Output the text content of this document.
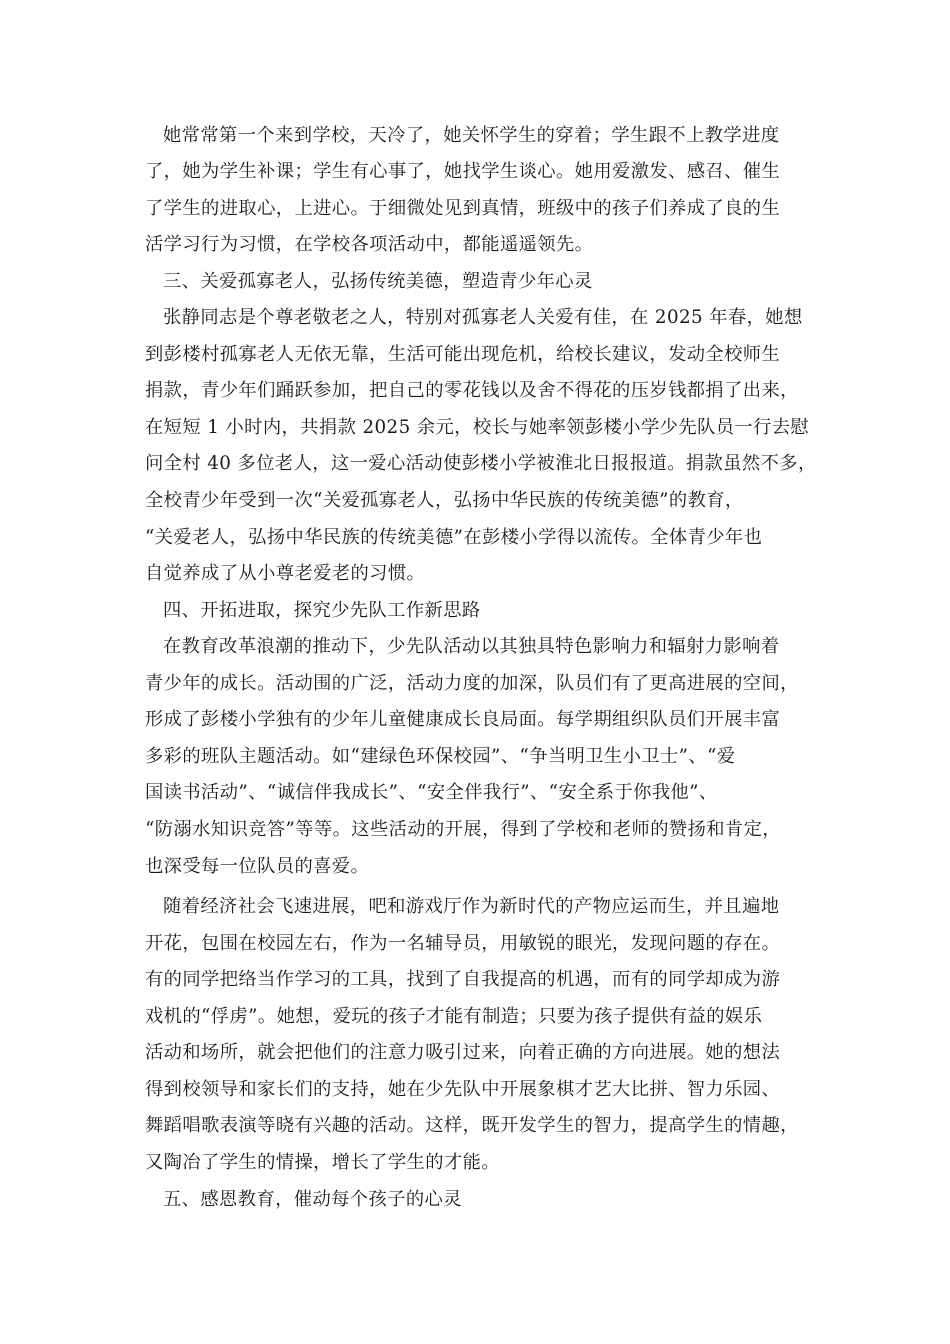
她常常第一个来到学校，天冷了，她关怀学生的穿着；学生跟不上教学进度
了，她为学生补课；学生有心事了，她找学生谈心。她用爱激发、感召、催生
了学生的进取心，上进心。于细微处见到真情，班级中的孩子们养成了良的生
活学习行为习惯，在学校各项活动中，都能遥遥领先。
三、关爱孤寡老人，弘扬传统美德，塑造青少年心灵
张静同志是个尊老敬老之人，特别对孤寡老人关爱有佳，在 2025 年春，她想
到彭楼村孤寡老人无依无靠，生活可能出现危机，给校长建议，发动全校师生
捐款，青少年们踊跃参加，把自己的零花钱以及舍不得花的压岁钱都捐了出来，
在短短 1 小时内，共捐款 2025 余元，校长与她率领彭楼小学少先队员一行去慰
问全村 40 多位老人，这一爱心活动使彭楼小学被淮北日报报道。捐款虽然不多，
全校青少年受到一次“关爱孤寡老人，弘扬中华民族的传统美德”的教育，
“关爱老人，弘扬中华民族的传统美德”在彭楼小学得以流传。全体青少年也
自觉养成了从小尊老爱老的习惯。
四、开拓进取，探究少先队工作新思路
在教育改革浪潮的推动下，少先队活动以其独具特色影响力和辐射力影响着
青少年的成长。活动围的广泛，活动力度的加深，队员们有了更高进展的空间，
形成了彭楼小学独有的少年儿童健康成长良局面。每学期组织队员们开展丰富
多彩的班队主题活动。如“建绿色环保校园”、“争当明卫生小卫士”、“爱
国读书活动”、“诚信伴我成长”、“安全伴我行”、“安全系于你我他”、
“防溺水知识竞答”等等。这些活动的开展，得到了学校和老师的赞扬和肯定，
也深受每一位队员的喜爱。
随着经济社会飞速进展，吧和游戏厅作为新时代的产物应运而生，并且遍地
开花，包围在校园左右，作为一名辅导员，用敏锐的眼光，发现问题的存在。
有的同学把络当作学习的工具，找到了自我提高的机遇，而有的同学却成为游
戏机的“俘虏”。她想，爱玩的孩子才能有制造；只要为孩子提供有益的娱乐
活动和场所，就会把他们的注意力吸引过来，向着正确的方向进展。她的想法
得到校领导和家长们的支持，她在少先队中开展象棋才艺大比拼、智力乐园、
舞蹈唱歌表演等晓有兴趣的活动。这样，既开发学生的智力，提高学生的情趣，
又陶冶了学生的情操，增长了学生的才能。
五、感恩教育，催动每个孩子的心灵
